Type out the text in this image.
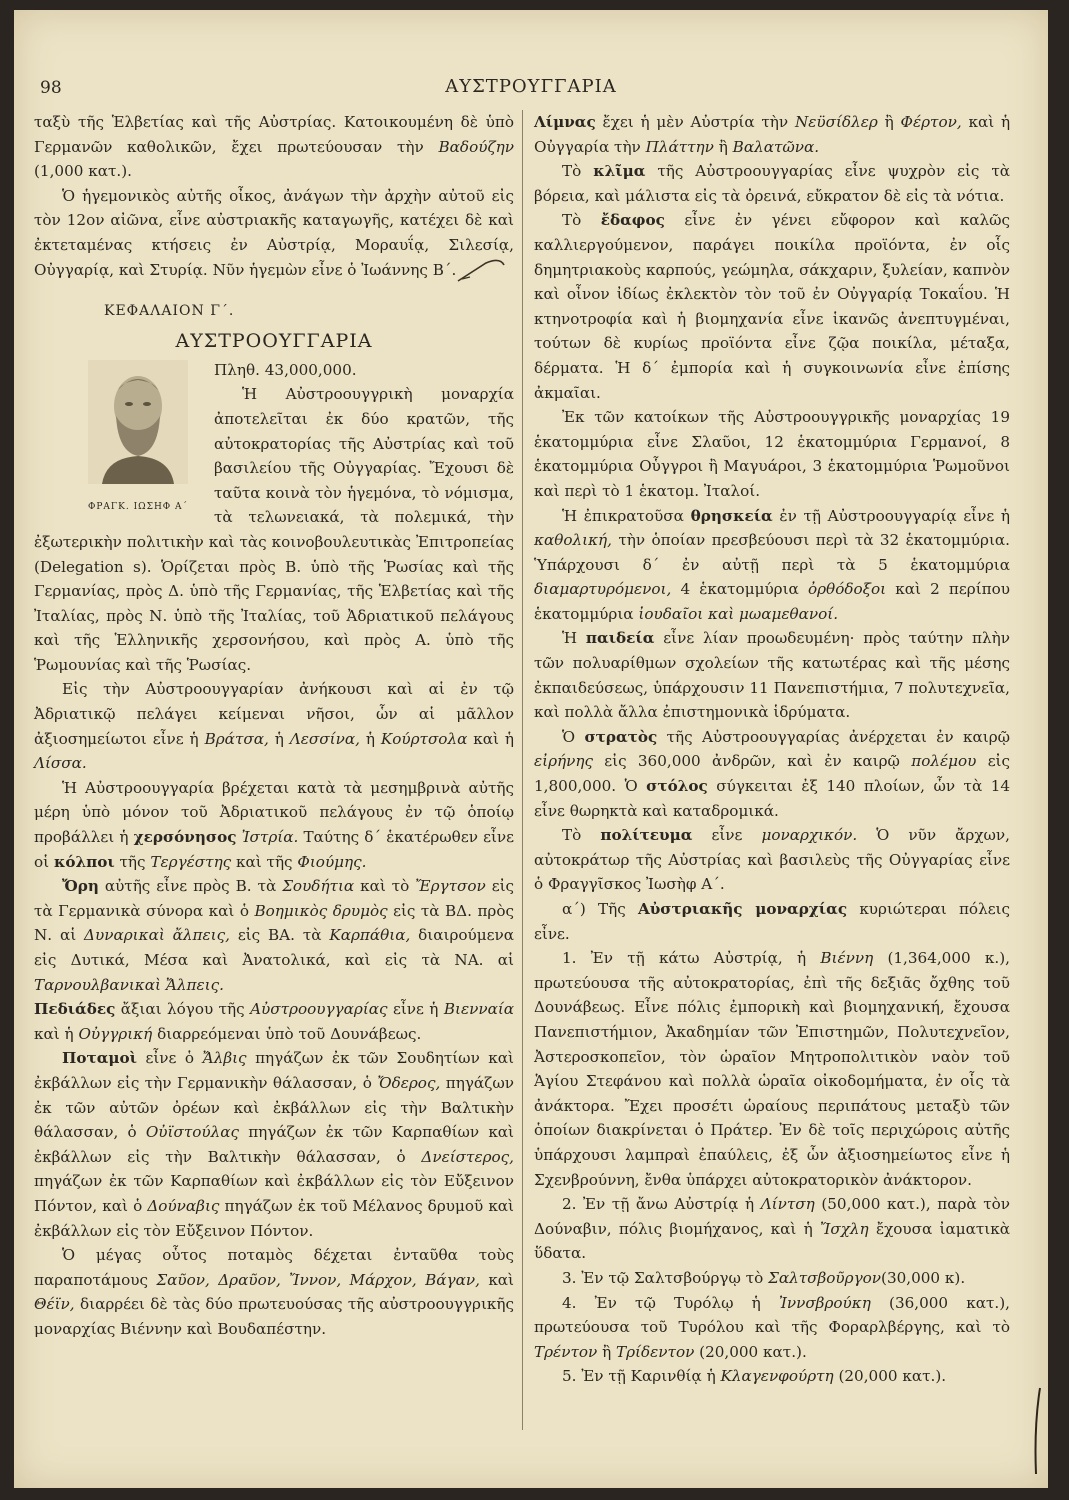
98	ΑΥΣΤΡΟΥΓΓΑΡΙΑ

ταξὺ τῆς Ἑλβετίας καὶ τῆς Αὐστρίας. Κατοικουμένη δὲ ὑπὸ Γερμανῶν καθολικῶν, ἔχει πρωτεύουσαν τὴν Βαδούζην (1,000 κατ.).

Ὁ ἡγεμονικὸς αὐτῆς οἶκος, ἀνάγων τὴν ἀρχὴν αὐτοῦ εἰς τὸν 12ον αἰῶνα, εἶνε αὐστριακῆς καταγωγῆς, κατέχει δὲ καὶ ἐκτεταμένας κτήσεις ἐν Αὐστρίᾳ, Μοραυΐᾳ, Σιλεσίᾳ, Οὐγγαρίᾳ, καὶ Στυρίᾳ. Νῦν ἡγεμὼν εἶνε ὁ Ἰωάννης Β΄.

ΚΕΦΑΛΑΙΟΝ Γ΄.

ΑΥΣΤΡΟΟΥΓΓΑΡΙΑ

ΦΡΑΓΚ. ΙΩΣΗΦ Α΄

Πληθ. 43,000,000.

Ἡ Αὐστροουγγρικὴ μοναρχία ἀποτελεῖται ἐκ δύο κρατῶν, τῆς αὐτοκρατορίας τῆς Αὐστρίας καὶ τοῦ βασιλείου τῆς Οὐγγαρίας. Ἔχουσι δὲ ταῦτα κοινὰ τὸν ἡγεμόνα, τὸ νόμισμα, τὰ τελωνειακά, τὰ πολεμικά, τὴν ἐξωτερικὴν πολιτικὴν καὶ τὰς κοινοβουλευτικὰς Ἐπιτροπείας (Delegation s). Ὁρίζεται πρὸς Β. ὑπὸ τῆς Ῥωσίας καὶ τῆς Γερμανίας, πρὸς Δ. ὑπὸ τῆς Γερμανίας, τῆς Ἑλβετίας καὶ τῆς Ἰταλίας, πρὸς Ν. ὑπὸ τῆς Ἰταλίας, τοῦ Ἀδριατικοῦ πελάγους καὶ τῆς Ἑλληνικῆς χερσονήσου, καὶ πρὸς Α. ὑπὸ τῆς Ῥωμουνίας καὶ τῆς Ῥωσίας.

Εἰς τὴν Αὐστροουγγαρίαν ἀνήκουσι καὶ αἱ ἐν τῷ Ἀδριατικῷ πελάγει κείμεναι νῆσοι, ὧν αἱ μᾶλλον ἀξιοσημείωτοι εἶνε ἡ Βράτσα, ἡ Λεσσίνα, ἡ Κούρτσολα καὶ ἡ Λίσσα.

Ἡ Αὐστροουγγαρία βρέχεται κατὰ τὰ μεσημβρινὰ αὐτῆς μέρη ὑπὸ μόνον τοῦ Ἀδριατικοῦ πελάγους ἐν τῷ ὁποίῳ προβάλλει ἡ χερσόνησος Ἰστρία. Ταύτης δ΄ ἑκατέρωθεν εἶνε οἱ κόλποι τῆς Τεργέστης καὶ τῆς Φιούμης.

Ὄρη αὐτῆς εἶνε πρὸς Β. τὰ Σουδήτια καὶ τὸ Ἔργτσον εἰς τὰ Γερμανικὰ σύνορα καὶ ὁ Βοημικὸς δρυμὸς εἰς τὰ ΒΔ. πρὸς Ν. αἱ Δυναρικαὶ ἄλπεις, εἰς ΒΑ. τὰ Καρπάθια, διαιρούμενα εἰς Δυτικά, Μέσα καὶ Ἀνατολικά, καὶ εἰς τὰ ΝΑ. αἱ Ταρνουλβανικαὶ Ἄλπεις.

Πεδιάδες ἄξιαι λόγου τῆς Αὐστροουγγαρίας εἶνε ἡ Βιενναία καὶ ἡ Οὐγγρική διαρρεόμεναι ὑπὸ τοῦ Δουνάβεως.

Ποταμοὶ εἶνε ὁ Ἄλβις πηγάζων ἐκ τῶν Σουδητίων καὶ ἐκβάλλων εἰς τὴν Γερμανικὴν θάλασσαν, ὁ Ὄδερος, πηγάζων ἐκ τῶν αὐτῶν ὀρέων καὶ ἐκβάλλων εἰς τὴν Βαλτικὴν θάλασσαν, ὁ Οὐϊστούλας πηγάζων ἐκ τῶν Καρπαθίων καὶ ἐκβάλλων εἰς τὴν Βαλτικὴν θάλασσαν, ὁ Δνείστερος, πηγάζων ἐκ τῶν Καρπαθίων καὶ ἐκβάλλων εἰς τὸν Εὔξεινον Πόντον, καὶ ὁ Δούναβις πηγάζων ἐκ τοῦ Μέλανος δρυμοῦ καὶ ἐκβάλλων εἰς τὸν Εὔξεινον Πόντον.

Ὁ μέγας οὗτος ποταμὸς δέχεται ἐνταῦθα τοὺς παραποτάμους Σαῦον, Δραῦον, Ἴννον, Μάρχον, Βάγαν, καὶ Θέϊν, διαρρέει δὲ τὰς δύο πρωτευούσας τῆς αὐστροουγγρικῆς μοναρχίας Βιέννην καὶ Βουδαπέστην.

Λίμνας ἔχει ἡ μὲν Αὐστρία τὴν Νεϋσίδλερ ἢ Φέρτον, καὶ ἡ Οὐγγαρία τὴν Πλάττην ἢ Βαλατῶνα.

Τὸ κλῖμα τῆς Αὐστροουγγαρίας εἶνε ψυχρὸν εἰς τὰ βόρεια, καὶ μάλιστα εἰς τὰ ὀρεινά, εὔκρατον δὲ εἰς τὰ νότια.

Τὸ ἔδαφος εἶνε ἐν γένει εὔφορον καὶ καλῶς καλλιεργούμενον, παράγει ποικίλα προϊόντα, ἐν οἷς δημητριακοὺς καρπούς, γεώμηλα, σάκχαριν, ξυλείαν, καπνὸν καὶ οἶνον ἰδίως ἐκλεκτὸν τὸν τοῦ ἐν Οὐγγαρίᾳ Τοκαΐου. Ἡ κτηνοτροφία καὶ ἡ βιομηχανία εἶνε ἱκανῶς ἀνεπτυγμέναι, τούτων δὲ κυρίως προϊόντα εἶνε ζῷα ποικίλα, μέταξα, δέρματα. Ἡ δ΄ ἐμπορία καὶ ἡ συγκοινωνία εἶνε ἐπίσης ἀκμαῖαι.

Ἐκ τῶν κατοίκων τῆς Αὐστροουγγρικῆς μοναρχίας 19 ἑκατομμύρια εἶνε Σλαῦοι, 12 ἑκατομμύρια Γερμανοί, 8 ἑκατομμύρια Οὗγγροι ἢ Μαγυάροι, 3 ἑκατομμύρια Ῥωμοῦνοι καὶ περὶ τὸ 1 ἑκατομ. Ἰταλοί.

Ἡ ἐπικρατοῦσα θρησκεία ἐν τῇ Αὐστροουγγαρίᾳ εἶνε ἡ καθολική, τὴν ὁποίαν πρεσβεύουσι περὶ τὰ 32 ἑκατομμύρια. Ὑπάρχουσι δ΄ ἐν αὐτῇ περὶ τὰ 5 ἑκατομμύρια διαμαρτυρόμενοι, 4 ἑκατομμύρια ὀρθόδοξοι καὶ 2 περίπου ἑκατομμύρια ἰουδαῖοι καὶ μωαμεθανοί.

Ἡ παιδεία εἶνε λίαν προωδευμένη· πρὸς ταύτην πλὴν τῶν πολυαρίθμων σχολείων τῆς κατωτέρας καὶ τῆς μέσης ἐκπαιδεύσεως, ὑπάρχουσιν 11 Πανεπιστήμια, 7 πολυτεχνεῖα, καὶ πολλὰ ἄλλα ἐπιστημονικὰ ἱδρύματα.

Ὁ στρατὸς τῆς Αὐστροουγγαρίας ἀνέρχεται ἐν καιρῷ εἰρήνης εἰς 360,000 ἀνδρῶν, καὶ ἐν καιρῷ πολέμου εἰς 1,800,000. Ὁ στόλος σύγκειται ἐξ 140 πλοίων, ὧν τὰ 14 εἶνε θωρηκτὰ καὶ καταδρομικά.

Τὸ πολίτευμα εἶνε μοναρχικόν. Ὁ νῦν ἄρχων, αὐτοκράτωρ τῆς Αὐστρίας καὶ βασιλεὺς τῆς Οὐγγαρίας εἶνε ὁ Φραγγῖσκος Ἰωσὴφ Α΄.

α΄) Τῆς Αὐστριακῆς μοναρχίας κυριώτεραι πόλεις εἶνε.

1. Ἐν τῇ κάτω Αὐστρίᾳ, ἡ Βιέννη (1,364,000 κ.), πρωτεύουσα τῆς αὐτοκρατορίας, ἐπὶ τῆς δεξιᾶς ὄχθης τοῦ Δουνάβεως. Εἶνε πόλις ἐμπορικὴ καὶ βιομηχανική, ἔχουσα Πανεπιστήμιον, Ἀκαδημίαν τῶν Ἐπιστημῶν, Πολυτεχνεῖον, Ἀστεροσκοπεῖον, τὸν ὡραῖον Μητροπολιτικὸν ναὸν τοῦ Ἁγίου Στεφάνου καὶ πολλὰ ὡραῖα οἰκοδομήματα, ἐν οἷς τὰ ἀνάκτορα. Ἔχει προσέτι ὡραίους περιπάτους μεταξὺ τῶν ὁποίων διακρίνεται ὁ Πράτερ. Ἐν δὲ τοῖς περιχώροις αὐτῆς ὑπάρχουσι λαμπραὶ ἐπαύλεις, ἐξ ὧν ἀξιοσημείωτος εἶνε ἡ Σχενβρούννη, ἔνθα ὑπάρχει αὐτοκρατορικὸν ἀνάκτορον.

2. Ἐν τῇ ἄνω Αὐστρίᾳ ἡ Λίντση (50,000 κατ.), παρὰ τὸν Δούναβιν, πόλις βιομήχανος, καὶ ἡ Ἴσχλη ἔχουσα ἰαματικὰ ὕδατα.

3. Ἐν τῷ Σαλτσβούργῳ τὸ Σαλτσβοῦργον(30,000 κ).

4. Ἐν τῷ Τυρόλῳ ἡ Ἰννσβρούκη (36,000 κατ.), πρωτεύουσα τοῦ Τυρόλου καὶ τῆς Φοραρλβέργης, καὶ τὸ Τρέντον ἢ Τρίδεντον (20,000 κατ.).

5. Ἐν τῇ Καρινθίᾳ ἡ Κλαγενφούρτη (20,000 κατ.).
